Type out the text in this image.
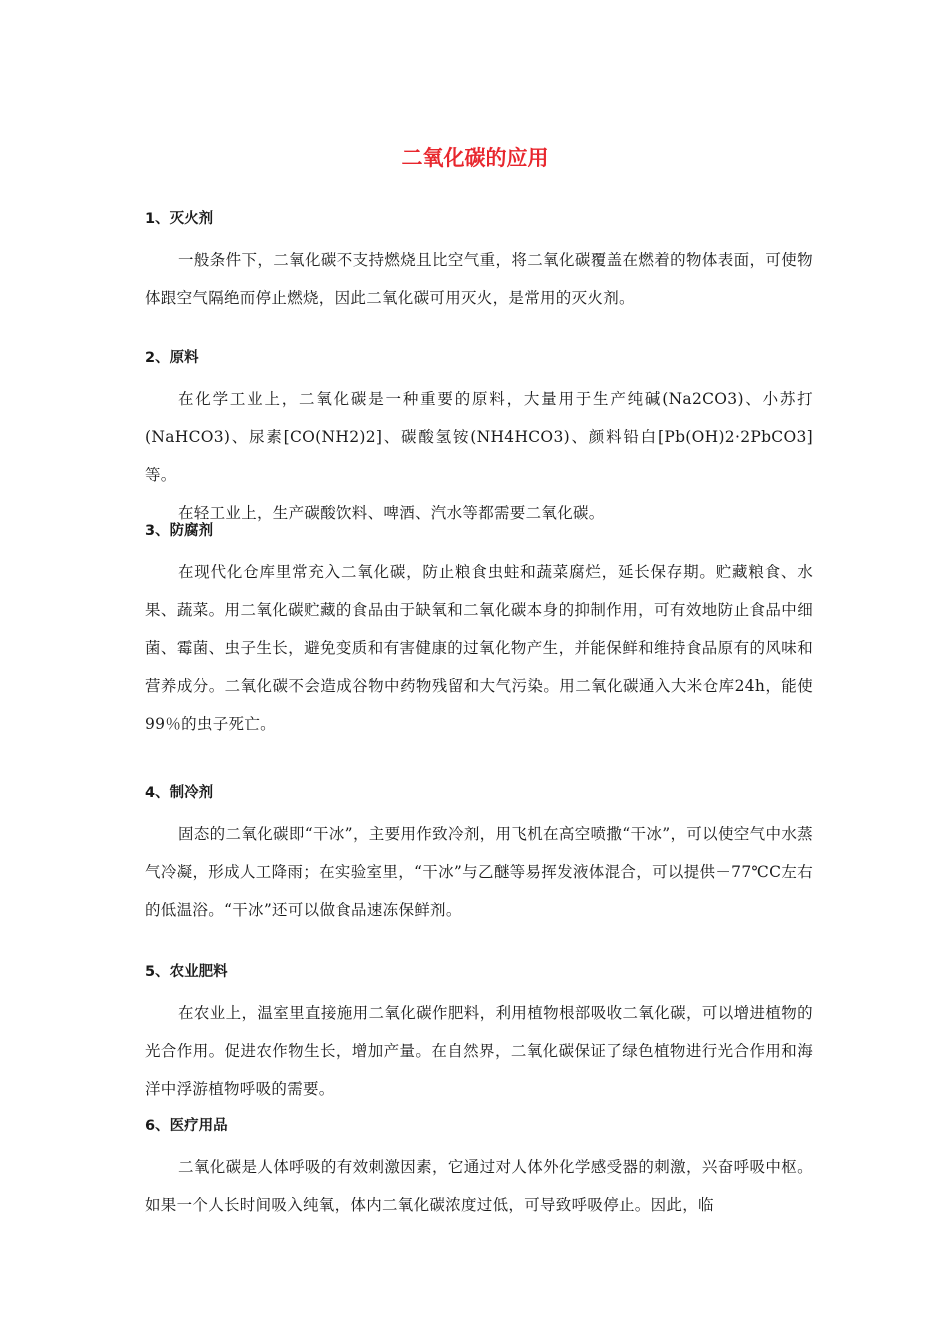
二氧化碳的应用

1、灭火剂

一般条件下，二氧化碳不支持燃烧且比空气重，将二氧化碳覆盖在燃着的物体表面，可使物体跟空气隔绝而停止燃烧，因此二氧化碳可用灭火，是常用的灭火剂。

2、原料

在化学工业上，二氧化碳是一种重要的原料，大量用于生产纯碱(Na2CO3)、小苏打(NaHCO3)、尿素[CO(NH2)2]、碳酸氢铵(NH4HCO3)、颜料铅白[Pb(OH)2·2PbCO3]等。

在轻工业上，生产碳酸饮料、啤酒、汽水等都需要二氧化碳。

3、防腐剂

在现代化仓库里常充入二氧化碳，防止粮食虫蛀和蔬菜腐烂，延长保存期。贮藏粮食、水果、蔬菜。用二氧化碳贮藏的食品由于缺氧和二氧化碳本身的抑制作用，可有效地防止食品中细菌、霉菌、虫子生长，避免变质和有害健康的过氧化物产生，并能保鲜和维持食品原有的风味和营养成分。二氧化碳不会造成谷物中药物残留和大气污染。用二氧化碳通入大米仓库24h，能使99％的虫子死亡。

4、制冷剂

固态的二氧化碳即“干冰”，主要用作致冷剂，用飞机在高空喷撒“干冰”，可以使空气中水蒸气冷凝，形成人工降雨；在实验室里，“干冰”与乙醚等易挥发液体混合，可以提供－77℃C左右的低温浴。“干冰”还可以做食品速冻保鲜剂。

5、农业肥料

在农业上，温室里直接施用二氧化碳作肥料，利用植物根部吸收二氧化碳，可以增进植物的光合作用。促进农作物生长，增加产量。在自然界，二氧化碳保证了绿色植物进行光合作用和海洋中浮游植物呼吸的需要。

6、医疗用品

二氧化碳是人体呼吸的有效刺激因素，它通过对人体外化学感受器的刺激，兴奋呼吸中枢。如果一个人长时间吸入纯氧，体内二氧化碳浓度过低，可导致呼吸停止。因此，临
